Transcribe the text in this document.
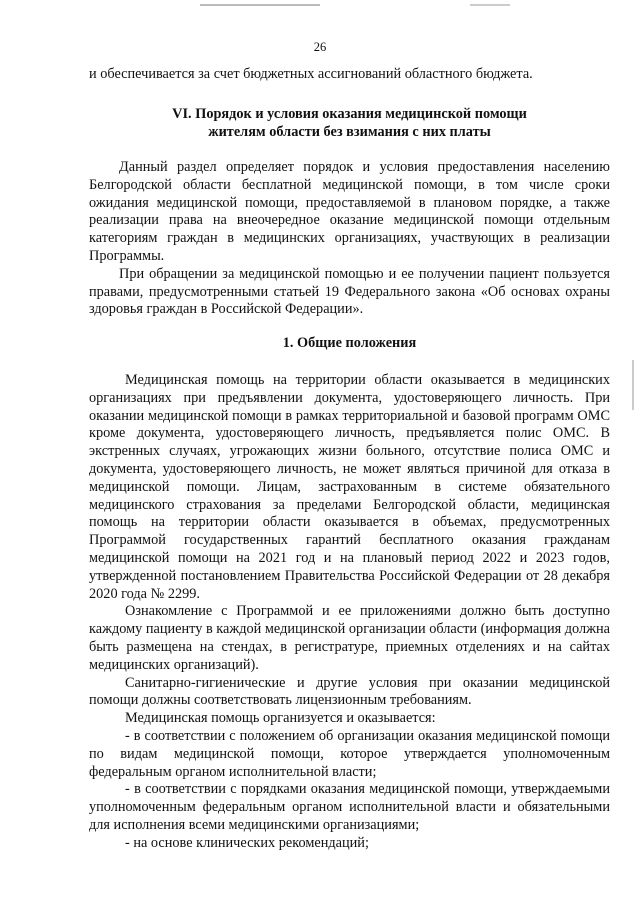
26

и обеспечивается за счет бюджетных ассигнований областного бюджета.

VI. Порядок и условия оказания медицинской помощи
жителям области без взимания с них платы

Данный раздел определяет порядок и условия предоставления населению Белгородской области бесплатной медицинской помощи, в том числе сроки ожидания медицинской помощи, предоставляемой в плановом порядке, а также реализации права на внеочередное оказание медицинской помощи отдельным категориям граждан в медицинских организациях, участвующих в реализации Программы.

При обращении за медицинской помощью и ее получении пациент пользуется правами, предусмотренными статьей 19 Федерального закона «Об основах охраны здоровья граждан в Российской Федерации».

1. Общие положения

Медицинская помощь на территории области оказывается в медицинских организациях при предъявлении документа, удостоверяющего личность. При оказании медицинской помощи в рамках территориальной и базовой программ ОМС кроме документа, удостоверяющего личность, предъявляется полис ОМС. В экстренных случаях, угрожающих жизни больного, отсутствие полиса ОМС и документа, удостоверяющего личность, не может являться причиной для отказа в медицинской помощи. Лицам, застрахованным в системе обязательного медицинского страхования за пределами Белгородской области, медицинская помощь на территории области оказывается в объемах, предусмотренных Программой государственных гарантий бесплатного оказания гражданам медицинской помощи на 2021 год и на плановый период 2022 и 2023 годов, утвержденной постановлением Правительства Российской Федерации от 28 декабря 2020 года № 2299.

Ознакомление с Программой и ее приложениями должно быть доступно каждому пациенту в каждой медицинской организации области (информация должна быть размещена на стендах, в регистратуре, приемных отделениях и на сайтах медицинских организаций).

Санитарно-гигиенические и другие условия при оказании медицинской помощи должны соответствовать лицензионным требованиям.

Медицинская помощь организуется и оказывается:

- в соответствии с положением об организации оказания медицинской помощи по видам медицинской помощи, которое утверждается уполномоченным федеральным органом исполнительной власти;

- в соответствии с порядками оказания медицинской помощи, утверждаемыми уполномоченным федеральным органом исполнительной власти и обязательными для исполнения всеми медицинскими организациями;

- на основе клинических рекомендаций;
